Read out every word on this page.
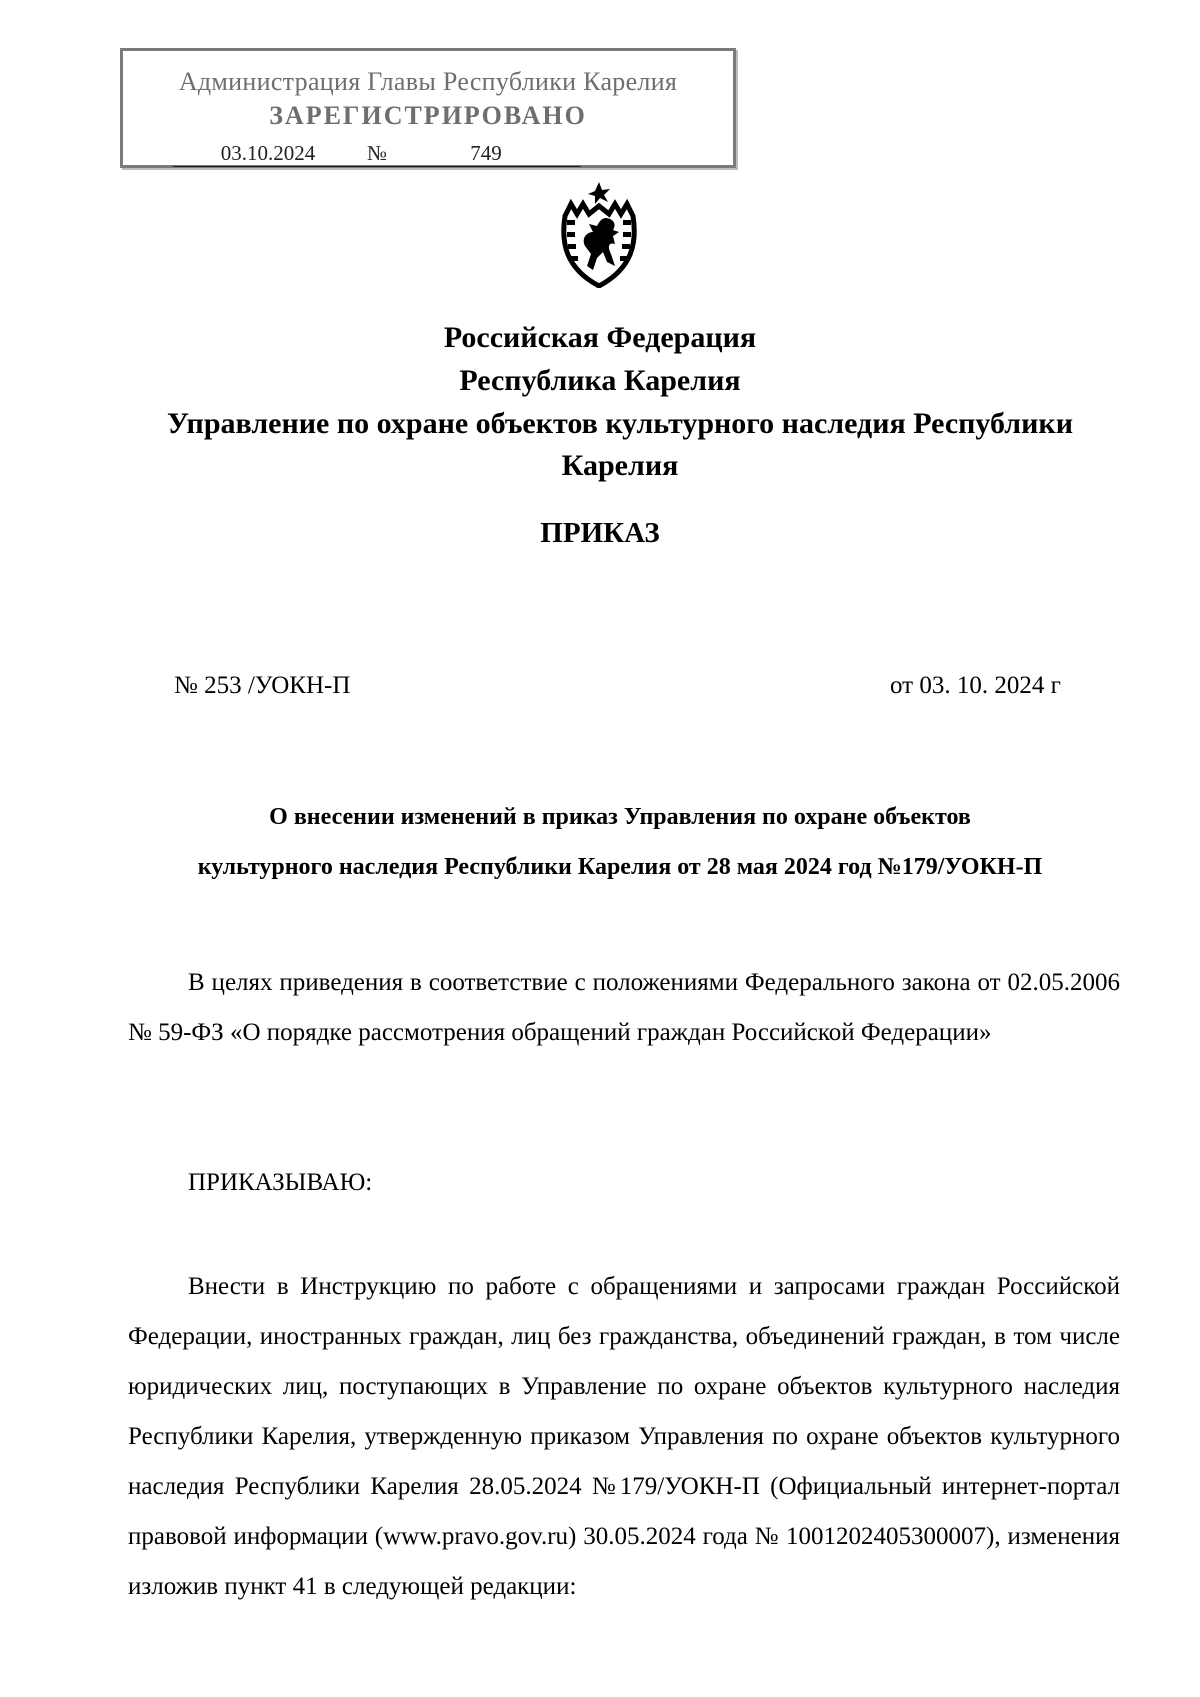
Администрация Главы Республики Карелия
ЗАРЕГИСТРИРОВАНО
03.10.2024 №	749
Российская Федерация
Республика Карелия
Управление по охране объектов культурного наследия Республики Карелия
ПРИКАЗ
№ 253 /УОКН-П	от 03. 10. 2024 г
О внесении изменений в приказ Управления по охране объектов
культурного наследия Республики Карелия от 28 мая 2024 год №179/УОКН-П

В целях приведения в соответствие с положениями Федерального закона от 02.05.2006 № 59-ФЗ «О порядке рассмотрения обращений граждан Российской Федерации»

ПРИКАЗЫВАЮ:

Внести в Инструкцию по работе с обращениями и запросами граждан Российской Федерации, иностранных граждан, лиц без гражданства, объединений граждан, в том числе юридических лиц, поступающих в Управление по охране объектов культурного наследия Республики Карелия, утвержденную приказом Управления по охране объектов культурного наследия Республики Карелия 28.05.2024 №179/УОКН-П (Официальный интернет-портал правовой информации (www.pravo.gov.ru) 30.05.2024 года № 1001202405300007), изменения изложив пункт 41 в следующей редакции:
